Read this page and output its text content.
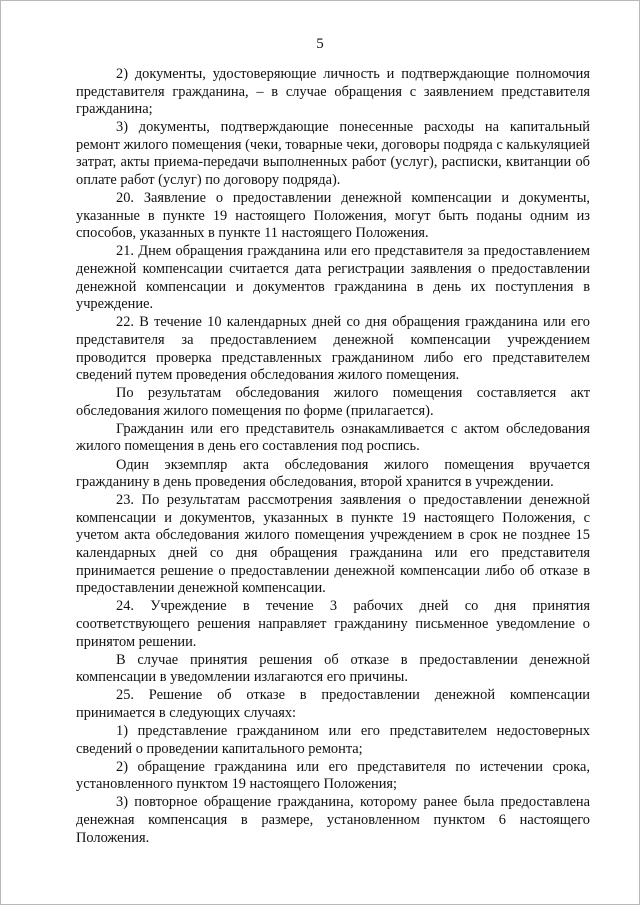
5

2) документы, удостоверяющие личность и подтверждающие полномочия представителя гражданина, – в случае обращения с заявлением представителя гражданина;

3) документы, подтверждающие понесенные расходы на капитальный ремонт жилого помещения (чеки, товарные чеки, договоры подряда с калькуляцией затрат, акты приема-передачи выполненных работ (услуг), расписки, квитанции об оплате работ (услуг) по договору подряда).

20. Заявление о предоставлении денежной компенсации и документы, указанные в пункте 19 настоящего Положения, могут быть поданы одним из способов, указанных в пункте 11 настоящего Положения.

21. Днем обращения гражданина или его представителя за предоставлением денежной компенсации считается дата регистрации заявления о предоставлении денежной компенсации и документов гражданина в день их поступления в учреждение.

22. В течение 10 календарных дней со дня обращения гражданина или его представителя за предоставлением денежной компенсации учреждением проводится проверка представленных гражданином либо его представителем сведений путем проведения обследования жилого помещения.

По результатам обследования жилого помещения составляется акт обследования жилого помещения по форме (прилагается).

Гражданин или его представитель ознакамливается с актом обследования жилого помещения в день его составления под роспись.

Один экземпляр акта обследования жилого помещения вручается гражданину в день проведения обследования, второй хранится в учреждении.

23. По результатам рассмотрения заявления о предоставлении денежной компенсации и документов, указанных в пункте 19 настоящего Положения, с учетом акта обследования жилого помещения учреждением в срок не позднее 15 календарных дней со дня обращения гражданина или его представителя принимается решение о предоставлении денежной компенсации либо об отказе в предоставлении денежной компенсации.

24. Учреждение в течение 3 рабочих дней со дня принятия соответствующего решения направляет гражданину письменное уведомление о принятом решении.

В случае принятия решения об отказе в предоставлении денежной компенсации в уведомлении излагаются его причины.

25. Решение об отказе в предоставлении денежной компенсации принимается в следующих случаях:

1) представление гражданином или его представителем недостоверных сведений о проведении капитального ремонта;

2) обращение гражданина или его представителя по истечении срока, установленного пунктом 19 настоящего Положения;

3) повторное обращение гражданина, которому ранее была предоставлена денежная компенсация в размере, установленном пунктом 6 настоящего Положения.
